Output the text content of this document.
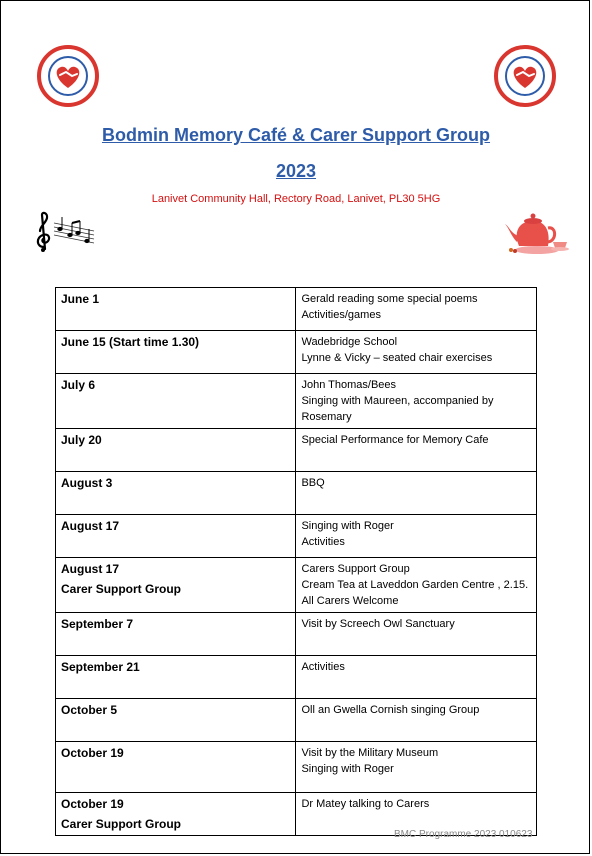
Bodmin Memory Café & Carer Support Group
2023
Lanivet Community Hall, Rectory Road, Lanivet, PL30 5HG
June 1	Gerald reading some special poems
Activities/games

June 15 (Start time 1.30)	Wadebridge School
Lynne & Vicky – seated chair exercises

July 6	John Thomas/Bees
Singing with Maureen, accompanied by Rosemary

July 20	Special Performance for Memory Cafe

August 3	BBQ

August 17	Singing with Roger
Activities

August 17
Carer Support Group	Carers Support Group
Cream Tea at Laveddon Garden Centre , 2.15. All Carers Welcome

September 7	Visit by Screech Owl Sanctuary

September 21	Activities

October 5	Oll an Gwella Cornish singing Group

October 19	Visit by the Military Museum
Singing with Roger

October 19
Carer Support Group	Dr Matey talking to Carers
BMC Programme 2023 010623
